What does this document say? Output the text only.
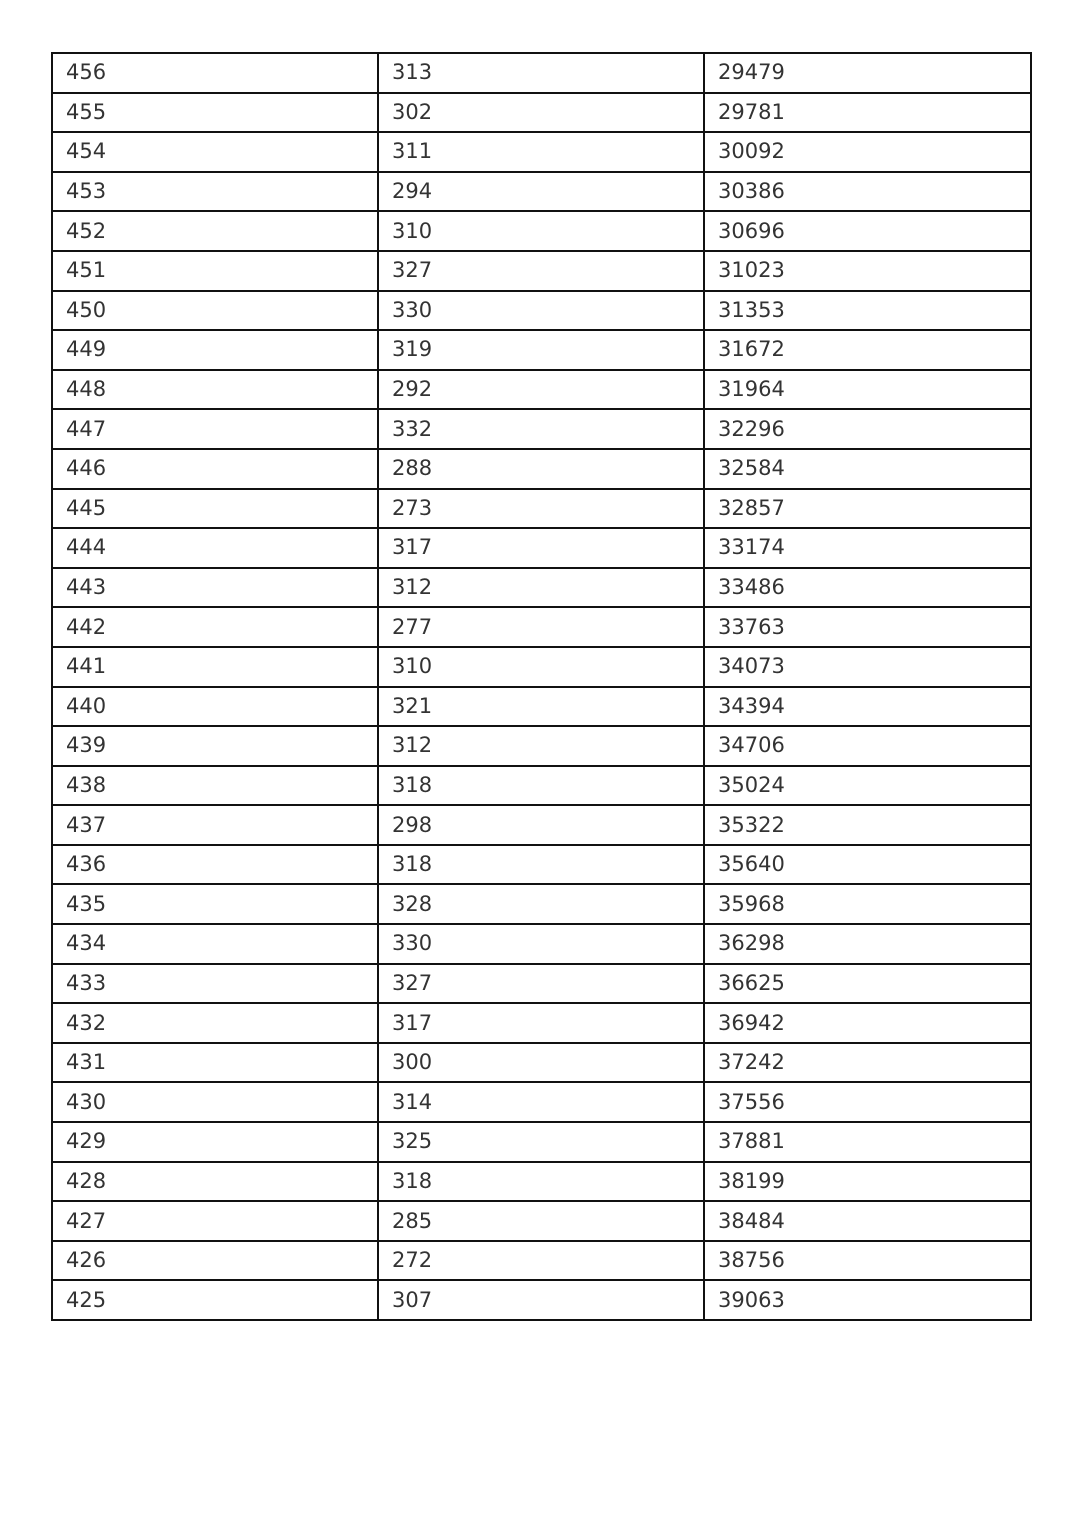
456	313	29479
455	302	29781
454	311	30092
453	294	30386
452	310	30696
451	327	31023
450	330	31353
449	319	31672
448	292	31964
447	332	32296
446	288	32584
445	273	32857
444	317	33174
443	312	33486
442	277	33763
441	310	34073
440	321	34394
439	312	34706
438	318	35024
437	298	35322
436	318	35640
435	328	35968
434	330	36298
433	327	36625
432	317	36942
431	300	37242
430	314	37556
429	325	37881
428	318	38199
427	285	38484
426	272	38756
425	307	39063
